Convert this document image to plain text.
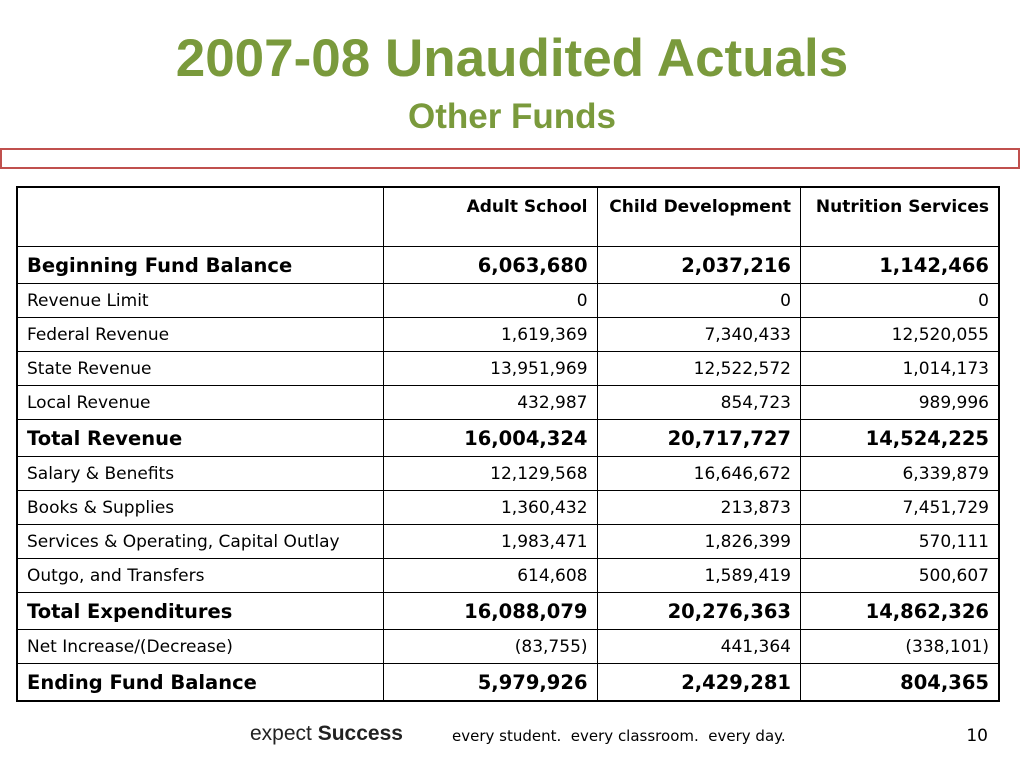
2007-08 Unaudited Actuals
Other Funds
	Adult School	Child Development	Nutrition Services
Beginning Fund Balance	6,063,680	2,037,216	1,142,466
Revenue Limit	0	0	0
Federal Revenue	1,619,369	7,340,433	12,520,055
State Revenue	13,951,969	12,522,572	1,014,173
Local Revenue	432,987	854,723	989,996
Total Revenue	16,004,324	20,717,727	14,524,225
Salary & Benefits	12,129,568	16,646,672	6,339,879
Books & Supplies	1,360,432	213,873	7,451,729
Services & Operating, Capital Outlay	1,983,471	1,826,399	570,111
Outgo, and Transfers	614,608	1,589,419	500,607
Total Expenditures	16,088,079	20,276,363	14,862,326
Net Increase/(Decrease)	(83,755)	441,364	(338,101)
Ending Fund Balance	5,979,926	2,429,281	804,365
expect Success	every student.  every classroom.  every day.	10
